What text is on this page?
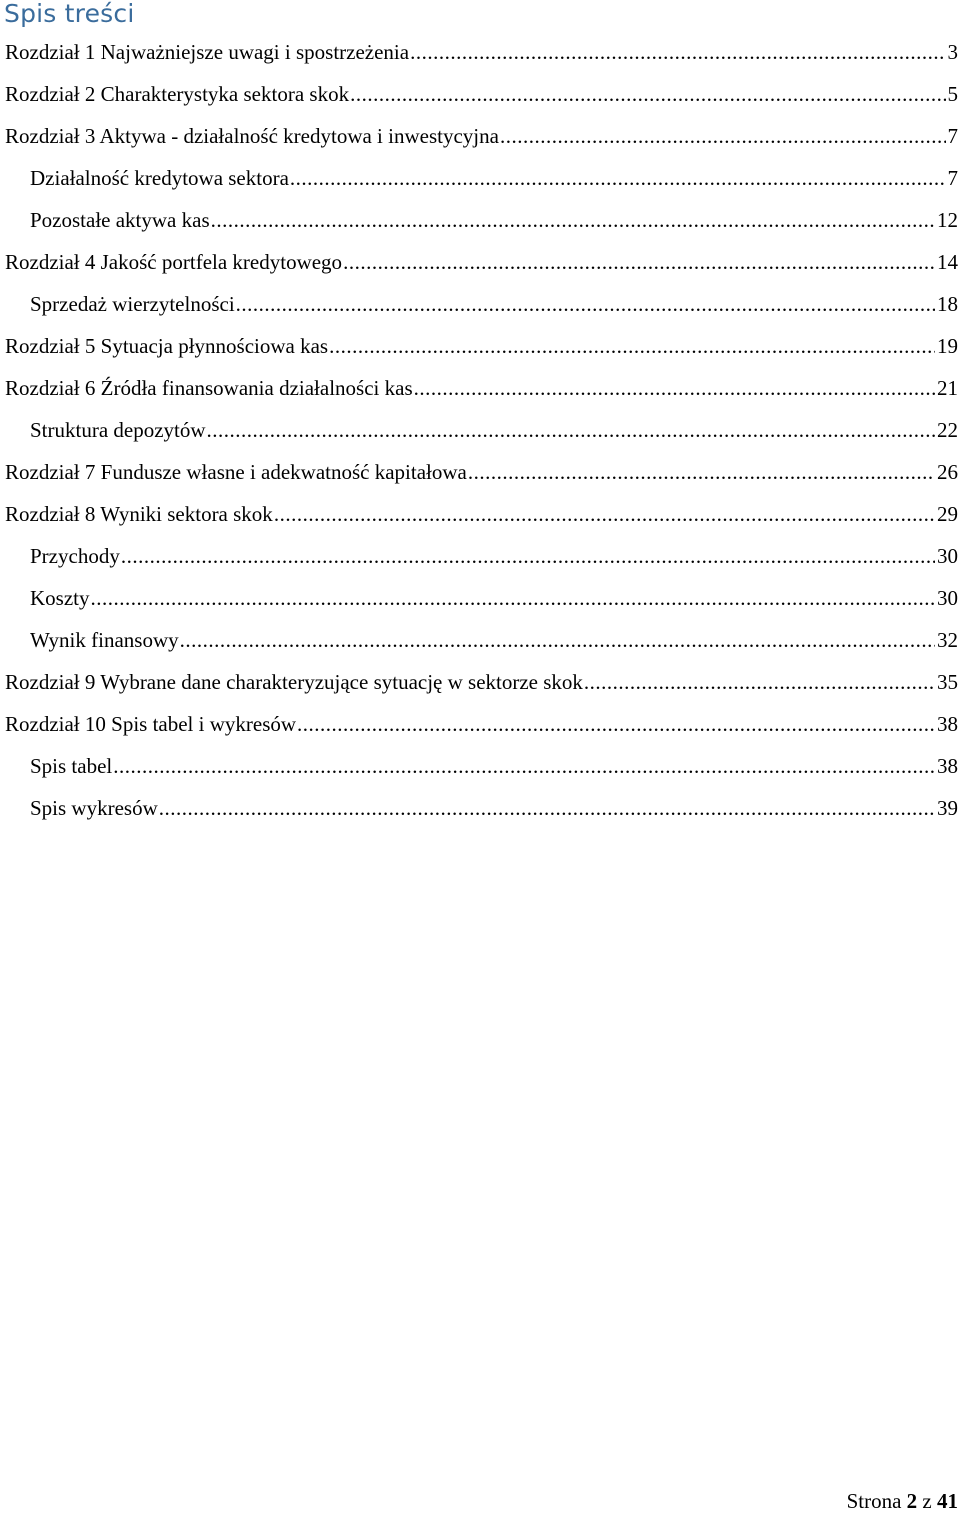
Spis treści
Rozdział 1 Najważniejsze uwagi i spostrzeżenia .....	3
Rozdział 2 Charakterystyka sektora skok .....	5
Rozdział 3 Aktywa - działalność kredytowa i inwestycyjna .....	7
Działalność kredytowa sektora .....	7
Pozostałe aktywa kas .....	12
Rozdział 4 Jakość portfela kredytowego .....	14
Sprzedaż wierzytelności .....	18
Rozdział 5 Sytuacja płynnościowa kas .....	19
Rozdział 6 Źródła finansowania działalności kas .....	21
Struktura depozytów .....	22
Rozdział 7 Fundusze własne i adekwatność kapitałowa .....	26
Rozdział 8 Wyniki sektora skok .....	29
Przychody .....	30
Koszty .....	30
Wynik finansowy .....	32
Rozdział 9 Wybrane dane charakteryzujące sytuację w sektorze skok .....	35
Rozdział 10 Spis tabel i wykresów .....	38
Spis tabel .....	38
Spis wykresów .....	39
Strona 2 z 41
